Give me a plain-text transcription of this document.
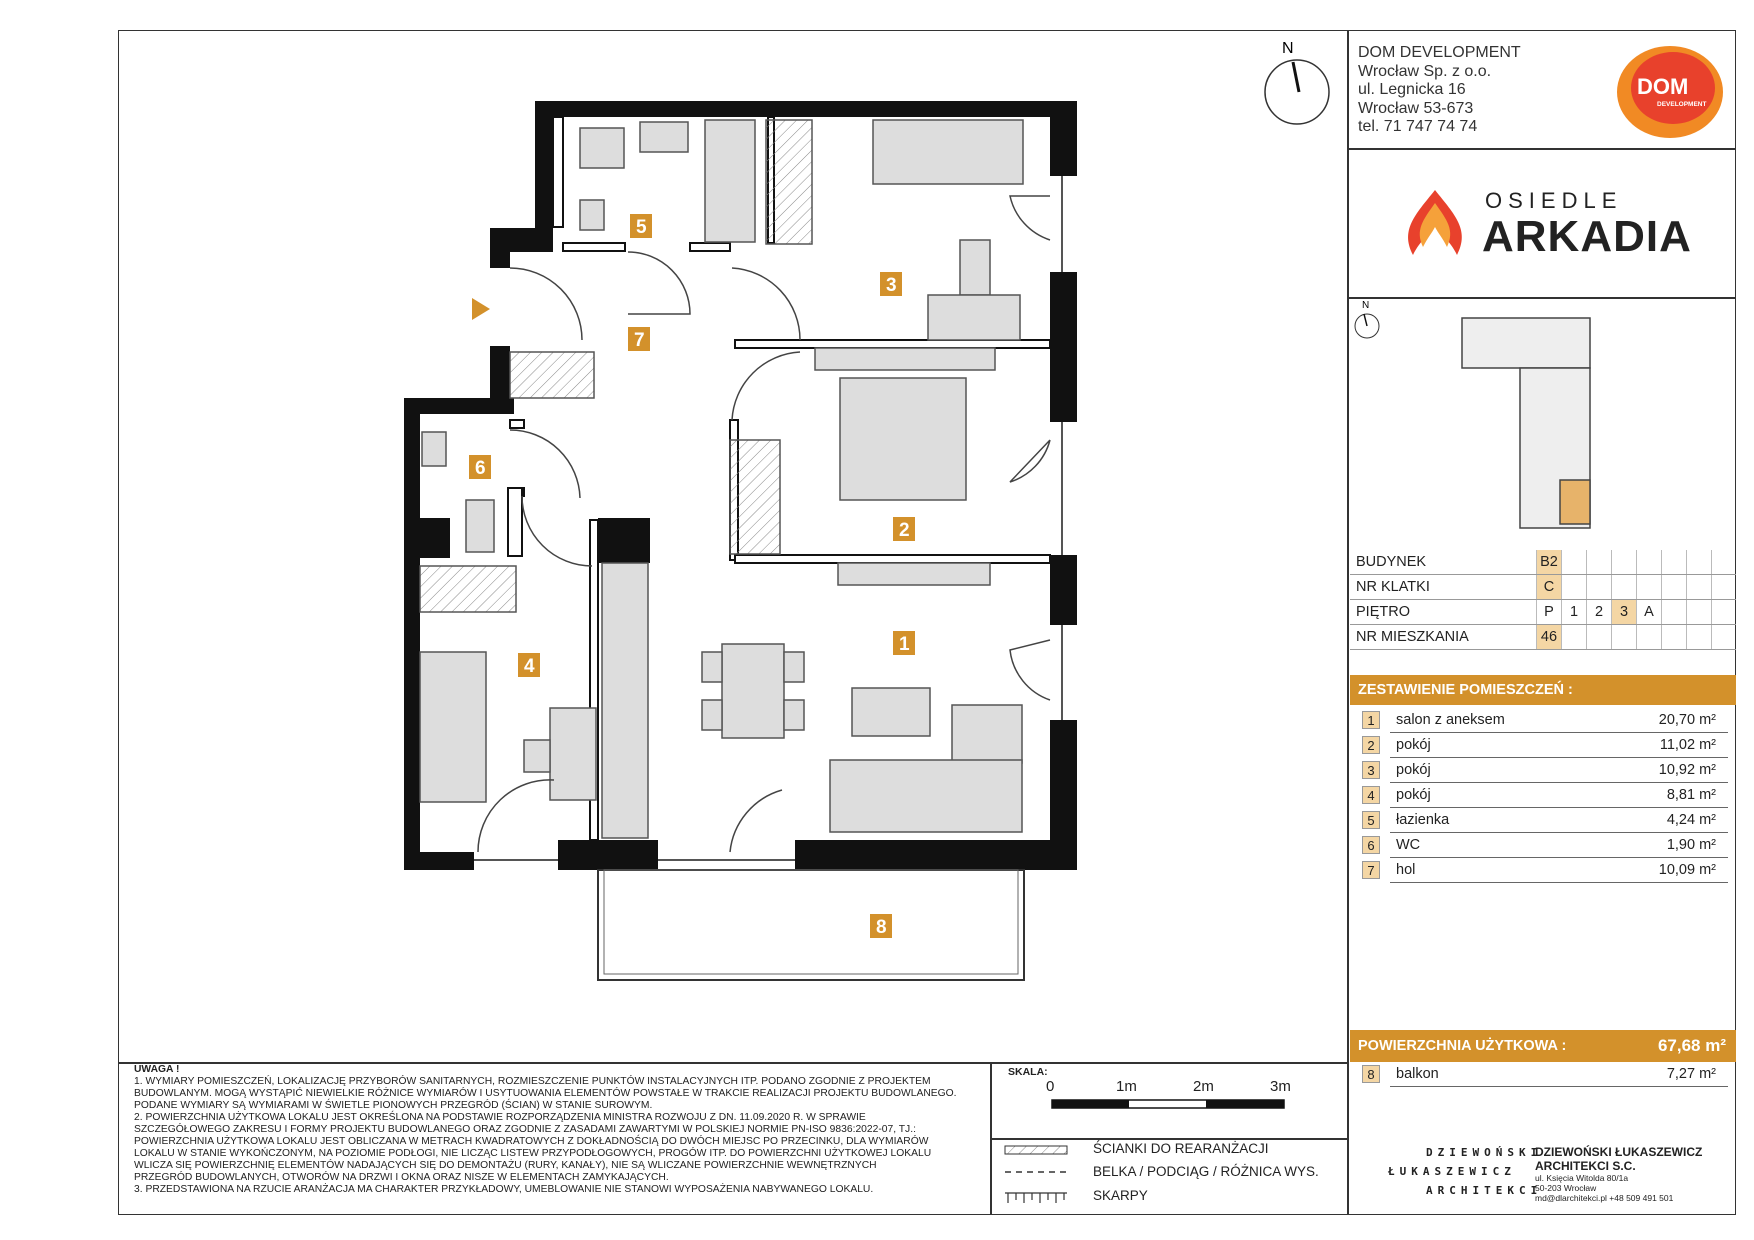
5
3
7
6
2
1
4
8
N
N
DOM DEVELOPMENT
Wrocław Sp. z o.o.
ul. Legnicka 16
Wrocław 53-673
tel. 71 747 74 74
DOM
DEVELOPMENT
OSIEDLE
ARKADIA
BUDYNEK	B2							
NR KLATKI	C							
PIĘTRO	P	1	2	3	A			
NR MIESZKANIA	46							
ZESTAWIENIE POMIESZCZEŃ :
1	salon z aneksem	20,70 m²
2	pokój	11,02 m²
3	pokój	10,92 m²
4	pokój	8,81 m²
5	łazienka	4,24 m²
6	WC	1,90 m²
7	hol	10,09 m²
POWIERZCHNIA UŻYTKOWA :	67,68 m²
8	balkon	7,27 m²
UWAGA !
1. WYMIARY POMIESZCZEŃ, LOKALIZACJĘ PRZYBORÓW SANITARNYCH, ROZMIESZCZENIE PUNKTÓW INSTALACYJNYCH ITP. PODANO ZGODNIE Z PROJEKTEM
BUDOWLANYM. MOGĄ WYSTĄPIĆ NIEWIELKIE RÓŻNICE WYMIARÓW I USYTUOWANIA ELEMENTÓW POWSTAŁE W TRAKCIE REALIZACJI PROJEKTU BUDOWLANEGO.
PODANE WYMIARY SĄ WYMIARAMI W ŚWIETLE PIONOWYCH PRZEGRÓD (ŚCIAN) W STANIE SUROWYM.
2. POWIERZCHNIA UŻYTKOWA LOKALU JEST OKREŚLONA NA PODSTAWIE ROZPORZĄDZENIA MINISTRA ROZWOJU Z DN. 11.09.2020 R. W SPRAWIE
SZCZEGÓŁOWEGO ZAKRESU I FORMY PROJEKTU BUDOWLANEGO ORAZ ZGODNIE Z ZASADAMI ZAWARTYMI W POLSKIEJ NORMIE PN-ISO 9836:2022-07, TJ.:
POWIERZCHNIA UŻYTKOWA LOKALU JEST OBLICZANA W METRACH KWADRATOWYCH Z DOKŁADNOŚCIĄ DO DWÓCH MIEJSC PO PRZECINKU, DLA WYMIARÓW
LOKALU W STANIE WYKOŃCZONYM, NA POZIOMIE PODŁOGI, NIE LICZĄC LISTEW PRZYPODŁOGOWYCH, PROGÓW ITP. DO POWIERZCHNI UŻYTKOWEJ LOKALU
WLICZA SIĘ POWIERZCHNIĘ ELEMENTÓW NADAJĄCYCH SIĘ DO DEMONTAŻU (RURY, KANAŁY), NIE SĄ WLICZANE POWIERZCHNIE WEWNĘTRZNYCH
PRZEGRÓD BUDOWLANYCH, OTWORÓW NA DRZWI I OKNA ORAZ NISZE W ELEMENTACH ZAMYKAJĄCYCH.
3. PRZEDSTAWIONA NA RZUCIE ARANŻACJA MA CHARAKTER PRZYKŁADOWY, UMEBLOWANIE NIE STANOWI WYPOSAŻENIA NABYWANEGO LOKALU.
SKALA:
0	1m	2m	3m
ŚCIANKI DO REARANŻACJI
BELKA / PODCIĄG / RÓŻNICA WYS.
SKARPY
DZIEWOŃSKI
ŁUKASZEWICZ
ARCHITEKCI
DZIEWOŃSKI ŁUKASZEWICZ
ARCHITEKCI S.C.
ul. Księcia Witolda 80/1a
50-203 Wrocław
md@dlarchitekci.pl +48 509 491 501
